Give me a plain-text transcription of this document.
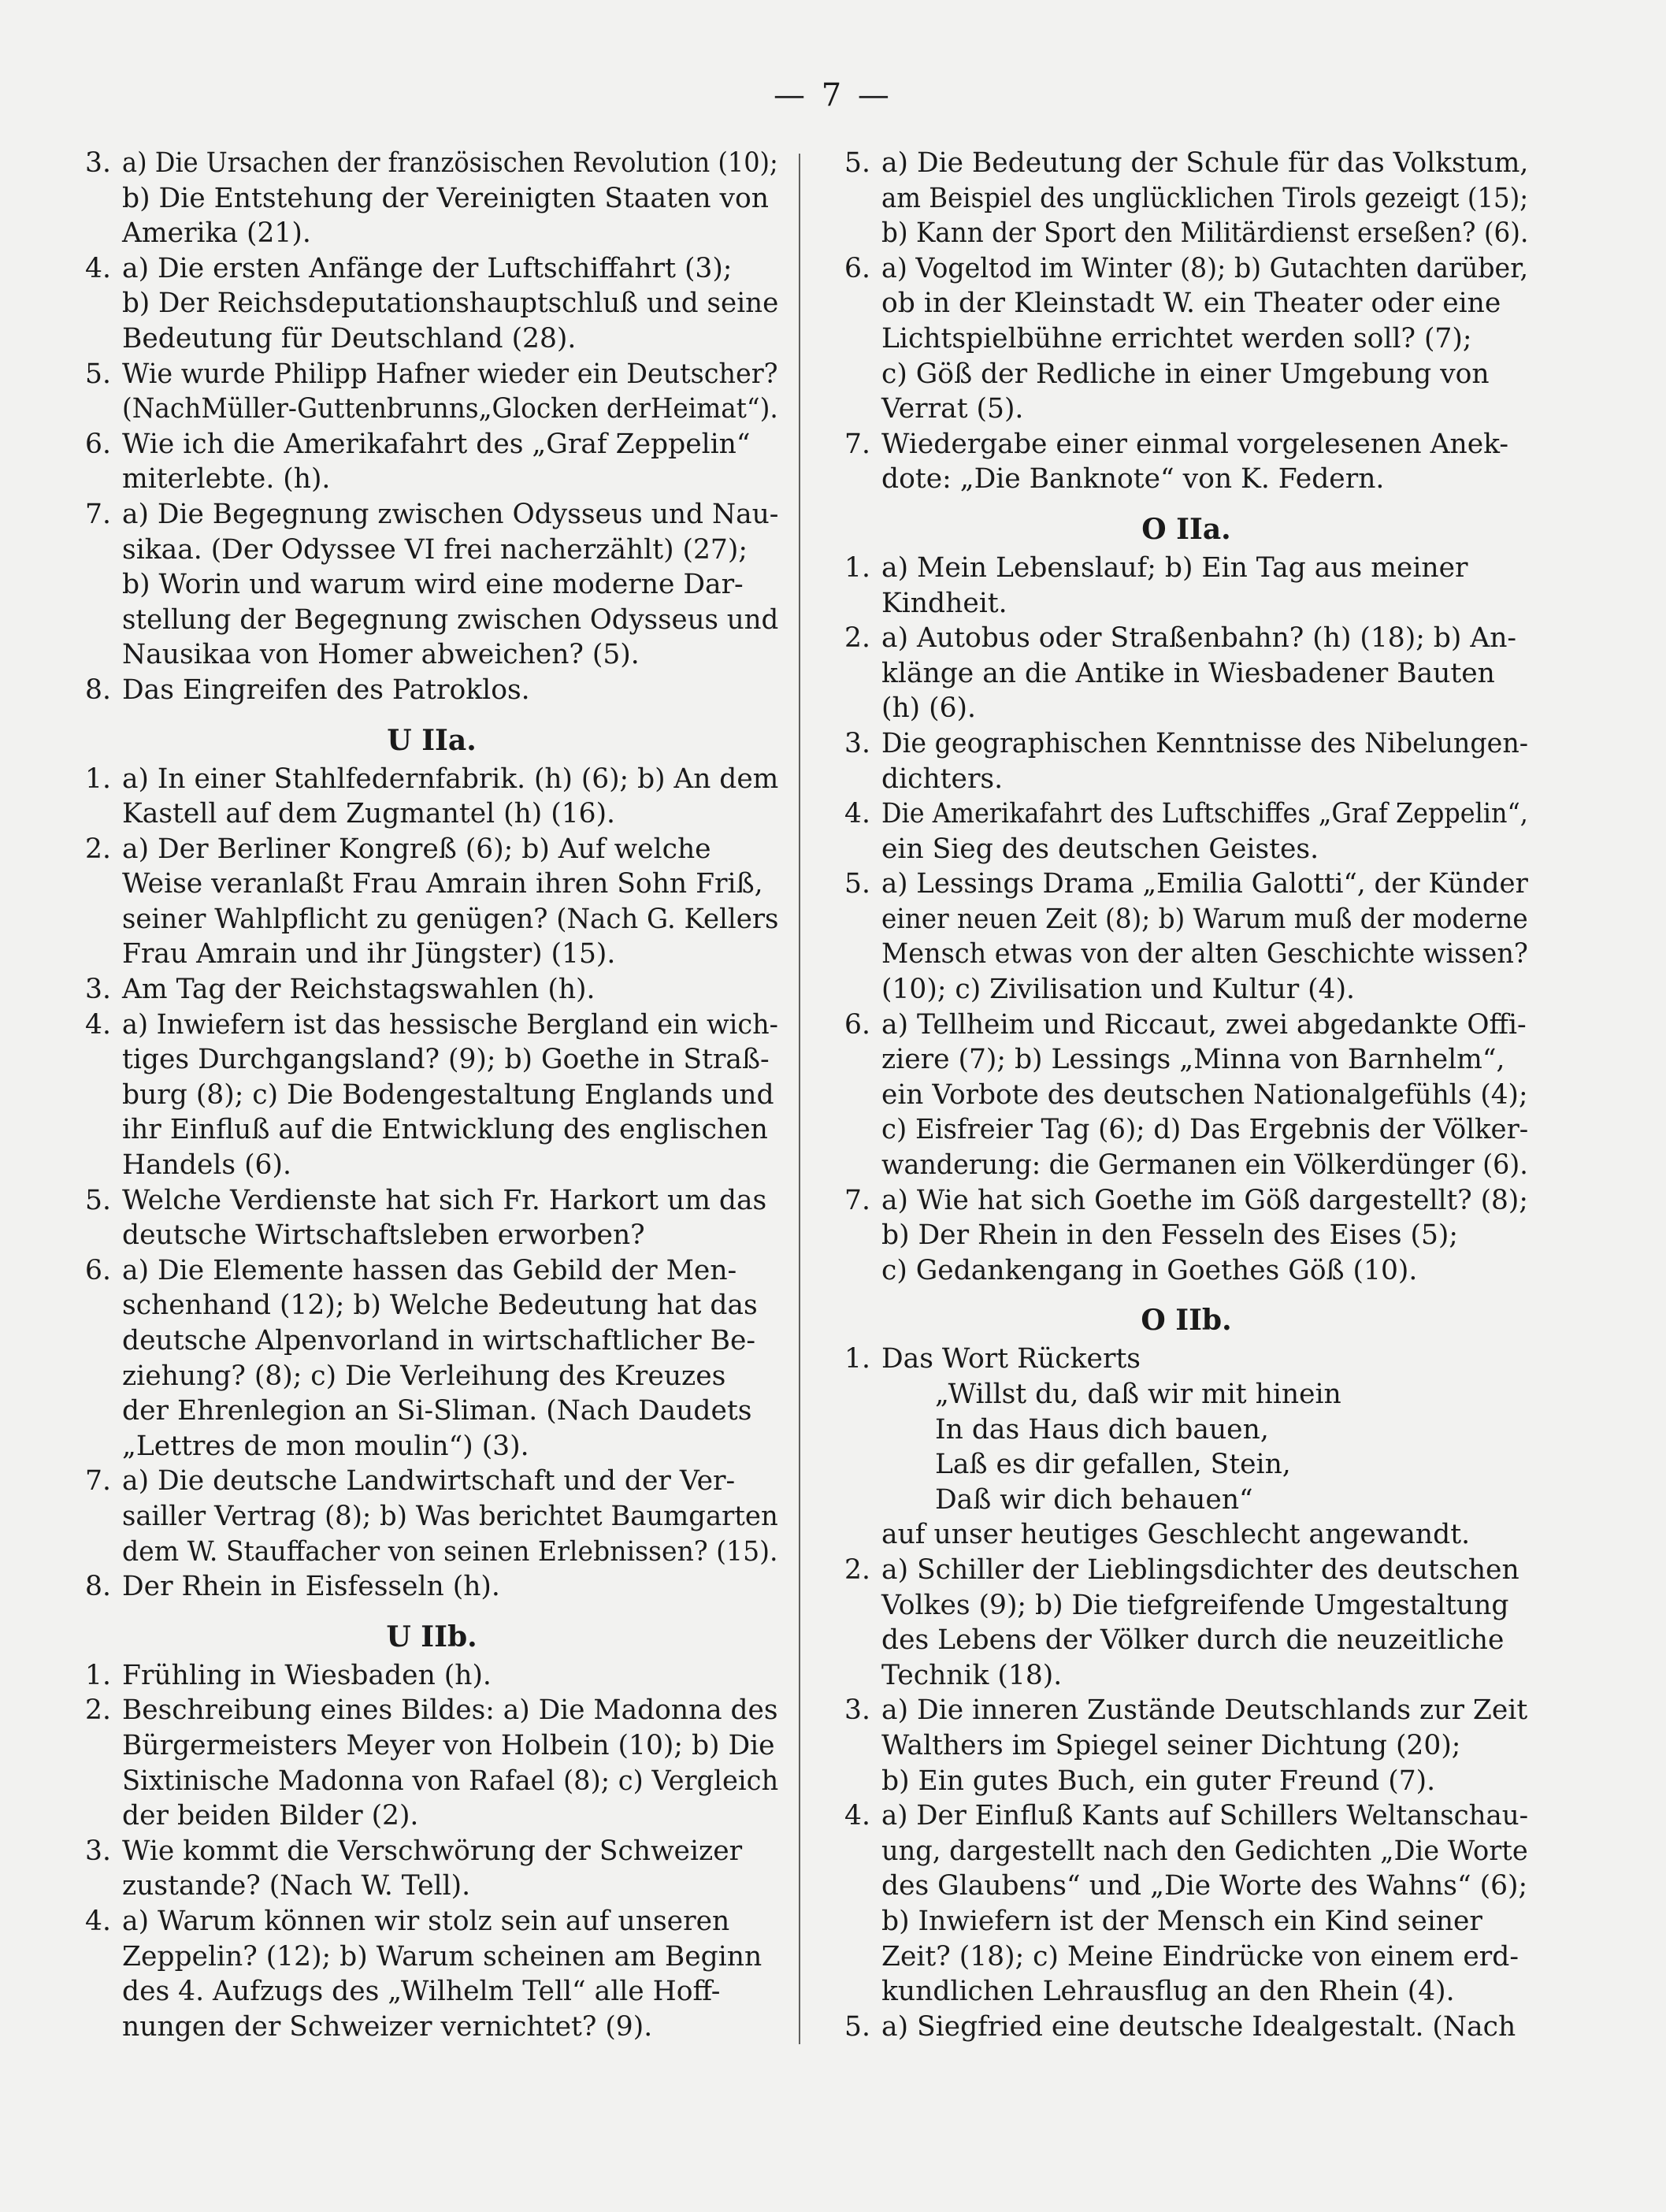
— 7 —
3. a) Die Ursachen der französischen Revolution (10);
b) Die Entstehung der Vereinigten Staaten von
Amerika (21).
4. a) Die ersten Anfänge der Luftschiffahrt (3);
b) Der Reichsdeputationshauptschluß und seine
Bedeutung für Deutschland (28).
5. Wie wurde Philipp Hafner wieder ein Deutscher?
(NachMüller-Guttenbrunns„Glocken derHeimat“).
6. Wie ich die Amerikafahrt des „Graf Zeppelin“
miterlebte. (h).
7. a) Die Begegnung zwischen Odysseus und Nau-
sikaa. (Der Odyssee VI frei nacherzählt) (27);
b) Worin und warum wird eine moderne Dar-
stellung der Begegnung zwischen Odysseus und
Nausikaa von Homer abweichen? (5).
8. Das Eingreifen des Patroklos.
U IIa.
1. a) In einer Stahlfedernfabrik. (h) (6); b) An dem
Kastell auf dem Zugmantel (h) (16).
2. a) Der Berliner Kongreß (6); b) Auf welche
Weise veranlaßt Frau Amrain ihren Sohn Friß,
seiner Wahlpflicht zu genügen? (Nach G. Kellers
Frau Amrain und ihr Jüngster) (15).
3. Am Tag der Reichstagswahlen (h).
4. a) Inwiefern ist das hessische Bergland ein wich-
tiges Durchgangsland? (9); b) Goethe in Straß-
burg (8); c) Die Bodengestaltung Englands und
ihr Einfluß auf die Entwicklung des englischen
Handels (6).
5. Welche Verdienste hat sich Fr. Harkort um das
deutsche Wirtschaftsleben erworben?
6. a) Die Elemente hassen das Gebild der Men-
schenhand (12); b) Welche Bedeutung hat das
deutsche Alpenvorland in wirtschaftlicher Be-
ziehung? (8); c) Die Verleihung des Kreuzes
der Ehrenlegion an Si-Sliman. (Nach Daudets
„Lettres de mon moulin“) (3).
7. a) Die deutsche Landwirtschaft und der Ver-
sailler Vertrag (8); b) Was berichtet Baumgarten
dem W. Stauffacher von seinen Erlebnissen? (15).
8. Der Rhein in Eisfesseln (h).
U IIb.
1. Frühling in Wiesbaden (h).
2. Beschreibung eines Bildes: a) Die Madonna des
Bürgermeisters Meyer von Holbein (10); b) Die
Sixtinische Madonna von Rafael (8); c) Vergleich
der beiden Bilder (2).
3. Wie kommt die Verschwörung der Schweizer
zustande? (Nach W. Tell).
4. a) Warum können wir stolz sein auf unseren
Zeppelin? (12); b) Warum scheinen am Beginn
des 4. Aufzugs des „Wilhelm Tell“ alle Hoff-
nungen der Schweizer vernichtet? (9).
5. a) Die Bedeutung der Schule für das Volkstum,
am Beispiel des unglücklichen Tirols gezeigt (15);
b) Kann der Sport den Militärdienst erseßen? (6).
6. a) Vogeltod im Winter (8); b) Gutachten darüber,
ob in der Kleinstadt W. ein Theater oder eine
Lichtspielbühne errichtet werden soll? (7);
c) Göß der Redliche in einer Umgebung von
Verrat (5).
7. Wiedergabe einer einmal vorgelesenen Anek-
dote: „Die Banknote“ von K. Federn.
O IIa.
1. a) Mein Lebenslauf; b) Ein Tag aus meiner
Kindheit.
2. a) Autobus oder Straßenbahn? (h) (18); b) An-
klänge an die Antike in Wiesbadener Bauten
(h) (6).
3. Die geographischen Kenntnisse des Nibelungen-
dichters.
4. Die Amerikafahrt des Luftschiffes „Graf Zeppelin“,
ein Sieg des deutschen Geistes.
5. a) Lessings Drama „Emilia Galotti“, der Künder
einer neuen Zeit (8); b) Warum muß der moderne
Mensch etwas von der alten Geschichte wissen?
(10); c) Zivilisation und Kultur (4).
6. a) Tellheim und Riccaut, zwei abgedankte Offi-
ziere (7); b) Lessings „Minna von Barnhelm“,
ein Vorbote des deutschen Nationalgefühls (4);
c) Eisfreier Tag (6); d) Das Ergebnis der Völker-
wanderung: die Germanen ein Völkerdünger (6).
7. a) Wie hat sich Goethe im Göß dargestellt? (8);
b) Der Rhein in den Fesseln des Eises (5);
c) Gedankengang in Goethes Göß (10).
O IIb.
1. Das Wort Rückerts
„Willst du, daß wir mit hinein
In das Haus dich bauen,
Laß es dir gefallen, Stein,
Daß wir dich behauen“
auf unser heutiges Geschlecht angewandt.
2. a) Schiller der Lieblingsdichter des deutschen
Volkes (9); b) Die tiefgreifende Umgestaltung
des Lebens der Völker durch die neuzeitliche
Technik (18).
3. a) Die inneren Zustände Deutschlands zur Zeit
Walthers im Spiegel seiner Dichtung (20);
b) Ein gutes Buch, ein guter Freund (7).
4. a) Der Einfluß Kants auf Schillers Weltanschau-
ung, dargestellt nach den Gedichten „Die Worte
des Glaubens“ und „Die Worte des Wahns“ (6);
b) Inwiefern ist der Mensch ein Kind seiner
Zeit? (18); c) Meine Eindrücke von einem erd-
kundlichen Lehrausflug an den Rhein (4).
5. a) Siegfried eine deutsche Idealgestalt. (Nach
